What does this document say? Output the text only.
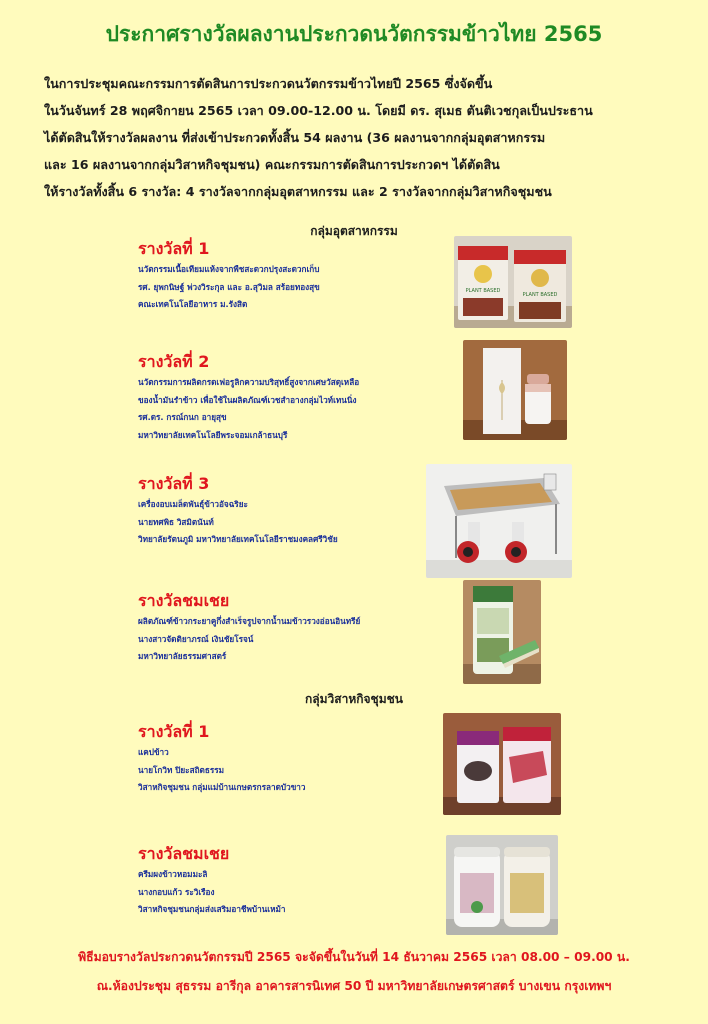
ประกาศรางวัลผลงานประกวดนวัตกรรมข้าวไทย 2565
ในการประชุมคณะกรรมการตัดสินการประกวดนวัตกรรมข้าวไทยปี 2565 ซึ่งจัดขึ้น
ในวันจันทร์ 28 พฤศจิกายน 2565 เวลา 09.00-12.00 น. โดยมี ดร. สุเมธ ตันติเวชกุลเป็นประธาน
ได้ตัดสินให้รางวัลผลงาน ที่ส่งเข้าประกวดทั้งสิ้น 54 ผลงาน (36 ผลงานจากกลุ่มอุตสาหกรรม
และ 16 ผลงานจากกลุ่มวิสาหกิจชุมชน) คณะกรรมการตัดสินการประกวดฯ ได้ตัดสิน
ให้รางวัลทั้งสิ้น 6 รางวัล: 4 รางวัลจากกลุ่มอุตสาหกรรม และ 2 รางวัลจากกลุ่มวิสาหกิจชุมชน
กลุ่มอุตสาหกรรม
รางวัลที่ 1
นวัตกรรมเนื้อเทียมแห้งจากพืชสะดวกปรุงสะดวกเก็บ
รศ. ยุพกนิษฐ์ พ่วงวิระกุล และ อ.สุวิมล สร้อยทองสุข
คณะเทคโนโลยีอาหาร ม.รังสิต
รางวัลที่ 2
นวัตกรรมการผลิตกรดเฟอรูลิกความบริสุทธิ์สูงจากเศษวัสดุเหลือ
ของน้ำมันรำข้าว เพื่อใช้ในผลิตภัณฑ์เวชสำอางกลุ่มไวท์เทนนิ่ง
รศ.ดร. กรณ์กนก อายุสุข
มหาวิทยาลัยเทคโนโลยีพระจอมเกล้าธนบุรี
รางวัลที่ 3
เครื่องอบเมล็ดพันธุ์ข้าวอัจฉริยะ
นายทศพิธ วิสมิตนันท์
วิทยาลัยรัตนภูมิ มหาวิทยาลัยเทคโนโลยีราชมงคลศรีวิชัย
รางวัลชมเชย
ผลิตภัณฑ์ข้าวกระยาคูกึ่งสำเร็จรูปจากน้ำนมข้าวรวงอ่อนอินทรีย์
นางสาวจัดติยาภรณ์ เงินชัยโรจน์
มหาวิทยาลัยธรรมศาสตร์
กลุ่มวิสาหกิจชุมชน
รางวัลที่ 1
แคปข้าว
นายโกวิท ปิยะสถิตธรรม
วิสาหกิจชุมชน กลุ่มแม่บ้านเกษตรกรลาดบัวขาว
รางวัลชมเชย
ครีมผงข้าวหอมมะลิ
นางกอบแก้ว ระวิเรือง
วิสาหกิจชุมชนกลุ่มส่งเสริมอาชีพบ้านเหม้า
PLANT BASED
PLANT BASED
พิธีมอบรางวัลประกวดนวัตกรรมปี 2565 จะจัดขึ้นในวันที่ 14 ธันวาคม 2565 เวลา 08.00 – 09.00 น.
ณ.ห้องประชุม สุธรรม อารีกุล อาคารสารนิเทศ 50 ปี มหาวิทยาลัยเกษตรศาสตร์ บางเขน กรุงเทพฯ
